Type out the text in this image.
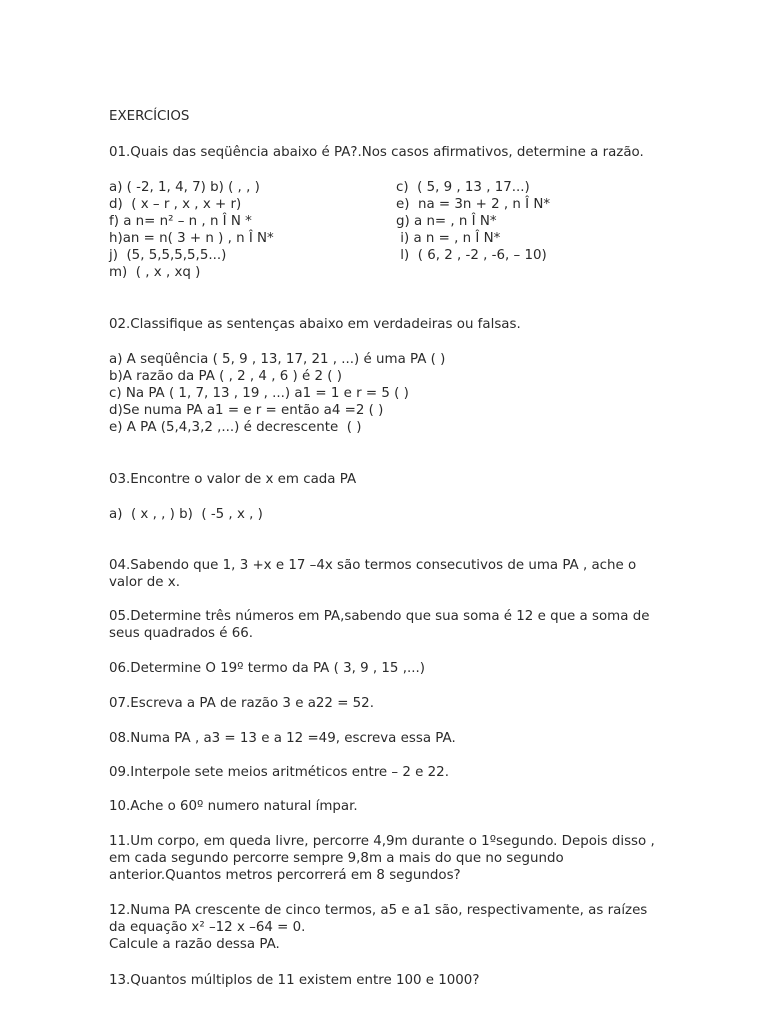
EXERCÍCIOS
01.Quais das seqüência abaixo é PA?.Nos casos afirmativos, determine a razão.

a) ( -2, 1, 4, 7) b) ( , , )

	c)  ( 5, 9 , 13 , 17...)

d)  ( x – r , x , x + r)

	e)  na = 3n + 2 , n Î N*

f) a n= n² – n , n Î N *

	g) a n= , n Î N*

h)an = n( 3 + n ) , n Î N*

	i) a n = , n Î N*

j)  (5, 5,5,5,5,5...)

	l)  ( 6, 2 , -2 , -6, – 10)

m)  ( , x , xq )

02.Classifique as sentenças abaixo em verdadeiras ou falsas.
a) A seqüência ( 5, 9 , 13, 17, 21 , ...) é uma PA ( )
b)A razão da PA ( , 2 , 4 , 6 ) é 2 ( )
c) Na PA ( 1, 7, 13 , 19 , ...) a1 = 1 e r = 5 ( )
d)Se numa PA a1 = e r = então a4 =2 ( )
e) A PA (5,4,3,2 ,...) é decrescente  ( )
03.Encontre o valor de x em cada PA
a)  ( x , , ) b)  ( -5 , x , )
04.Sabendo que 1, 3 +x e 17 –4x são termos consecutivos de uma PA , ache o
valor de x.
05.Determine três números em PA,sabendo que sua soma é 12 e que a soma de
seus quadrados é 66.
06.Determine O 19º termo da PA ( 3, 9 , 15 ,...)
07.Escreva a PA de razão 3 e a22 = 52.
08.Numa PA , a3 = 13 e a 12 =49, escreva essa PA.
09.Interpole sete meios aritméticos entre – 2 e 22.
10.Ache o 60º numero natural ímpar.
11.Um corpo, em queda livre, percorre 4,9m durante o 1ºsegundo. Depois disso ,
em cada segundo percorre sempre 9,8m a mais do que no segundo
anterior.Quantos metros percorrerá em 8 segundos?
12.Numa PA crescente de cinco termos, a5 e a1 são, respectivamente, as raízes
da equação x² –12 x –64 = 0.
Calcule a razão dessa PA.
13.Quantos múltiplos de 11 existem entre 100 e 1000?
